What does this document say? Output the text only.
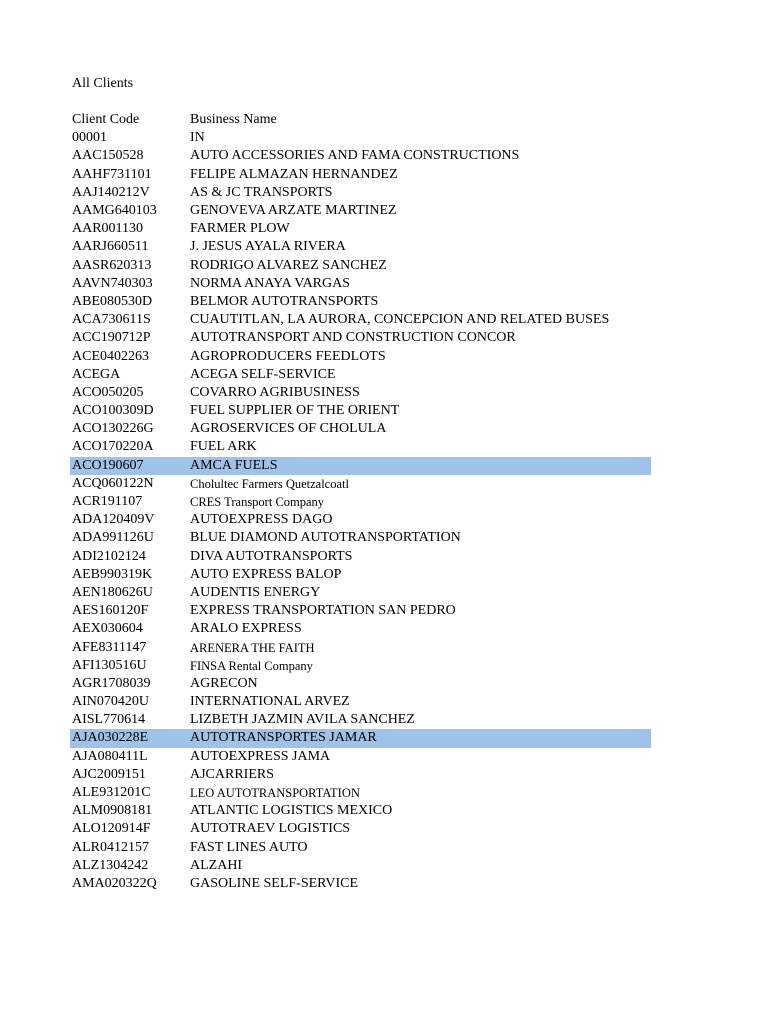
All Clients
Client Code	Business Name
00001	IN
AAC150528	AUTO ACCESSORIES AND FAMA CONSTRUCTIONS
AAHF731101	FELIPE ALMAZAN HERNANDEZ
AAJ140212V	AS & JC TRANSPORTS
AAMG640103	GENOVEVA ARZATE MARTINEZ
AAR001130	FARMER PLOW
AARJ660511	J. JESUS AYALA RIVERA
AASR620313	RODRIGO ALVAREZ SANCHEZ
AAVN740303	NORMA ANAYA VARGAS
ABE080530D	BELMOR AUTOTRANSPORTS
ACA730611S	CUAUTITLAN, LA AURORA, CONCEPCION AND RELATED BUSES
ACC190712P	AUTOTRANSPORT AND CONSTRUCTION CONCOR
ACE0402263	AGROPRODUCERS FEEDLOTS
ACEGA	ACEGA SELF-SERVICE
ACO050205	COVARRO AGRIBUSINESS
ACO100309D	FUEL SUPPLIER OF THE ORIENT
ACO130226G	AGROSERVICES OF CHOLULA
ACO170220A	FUEL ARK
ACO190607	AMCA FUELS
ACQ060122N	Cholultec Farmers Quetzalcoatl
ACR191107	CRES Transport Company
ADA120409V	AUTOEXPRESS DAGO
ADA991126U	BLUE DIAMOND AUTOTRANSPORTATION
ADI2102124	DIVA AUTOTRANSPORTS
AEB990319K	AUTO EXPRESS BALOP
AEN180626U	AUDENTIS ENERGY
AES160120F	EXPRESS TRANSPORTATION SAN PEDRO
AEX030604	ARALO EXPRESS
AFE8311147	ARENERA THE FAITH
AFI130516U	FINSA Rental Company
AGR1708039	AGRECON
AIN070420U	INTERNATIONAL ARVEZ
AISL770614	LIZBETH JAZMIN AVILA SANCHEZ
AJA030228E	AUTOTRANSPORTES JAMAR
AJA080411L	AUTOEXPRESS JAMA
AJC2009151	AJCARRIERS
ALE931201C	LEO AUTOTRANSPORTATION
ALM0908181	ATLANTIC LOGISTICS MEXICO
ALO120914F	AUTOTRAEV LOGISTICS
ALR0412157	FAST LINES AUTO
ALZ1304242	ALZAHI
AMA020322Q	GASOLINE SELF-SERVICE
